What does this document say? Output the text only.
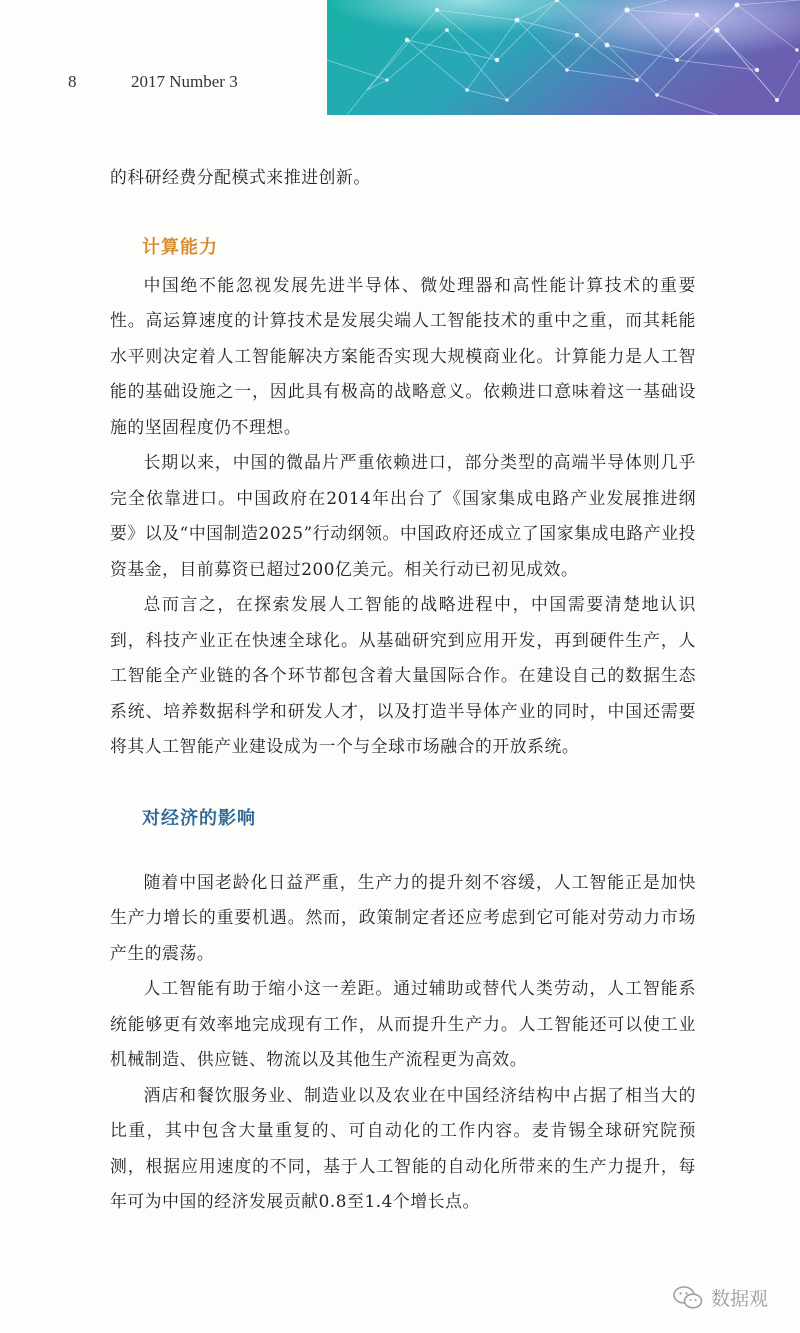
8	2017 Number 3

的科研经费分配模式来推进创新。

计算能力

中国绝不能忽视发展先进半导体、微处理器和高性能计算技术的重要性。高运算速度的计算技术是发展尖端人工智能技术的重中之重，而其耗能水平则决定着人工智能解决方案能否实现大规模商业化。计算能力是人工智能的基础设施之一，因此具有极高的战略意义。依赖进口意味着这一基础设施的坚固程度仍不理想。

长期以来，中国的微晶片严重依赖进口，部分类型的高端半导体则几乎完全依靠进口。中国政府在2014年出台了《国家集成电路产业发展推进纲要》以及“中国制造2025”行动纲领。中国政府还成立了国家集成电路产业投资基金，目前募资已超过200亿美元。相关行动已初见成效。

总而言之，在探索发展人工智能的战略进程中，中国需要清楚地认识到，科技产业正在快速全球化。从基础研究到应用开发，再到硬件生产，人工智能全产业链的各个环节都包含着大量国际合作。在建设自己的数据生态系统、培养数据科学和研发人才，以及打造半导体产业的同时，中国还需要将其人工智能产业建设成为一个与全球市场融合的开放系统。

对经济的影响

随着中国老龄化日益严重，生产力的提升刻不容缓，人工智能正是加快生产力增长的重要机遇。然而，政策制定者还应考虑到它可能对劳动力市场产生的震荡。

人工智能有助于缩小这一差距。通过辅助或替代人类劳动，人工智能系统能够更有效率地完成现有工作，从而提升生产力。人工智能还可以使工业机械制造、供应链、物流以及其他生产流程更为高效。

酒店和餐饮服务业、制造业以及农业在中国经济结构中占据了相当大的比重，其中包含大量重复的、可自动化的工作内容。麦肯锡全球研究院预测，根据应用速度的不同，基于人工智能的自动化所带来的生产力提升，每年可为中国的经济发展贡献0.8至1.4个增长点。

数据观
